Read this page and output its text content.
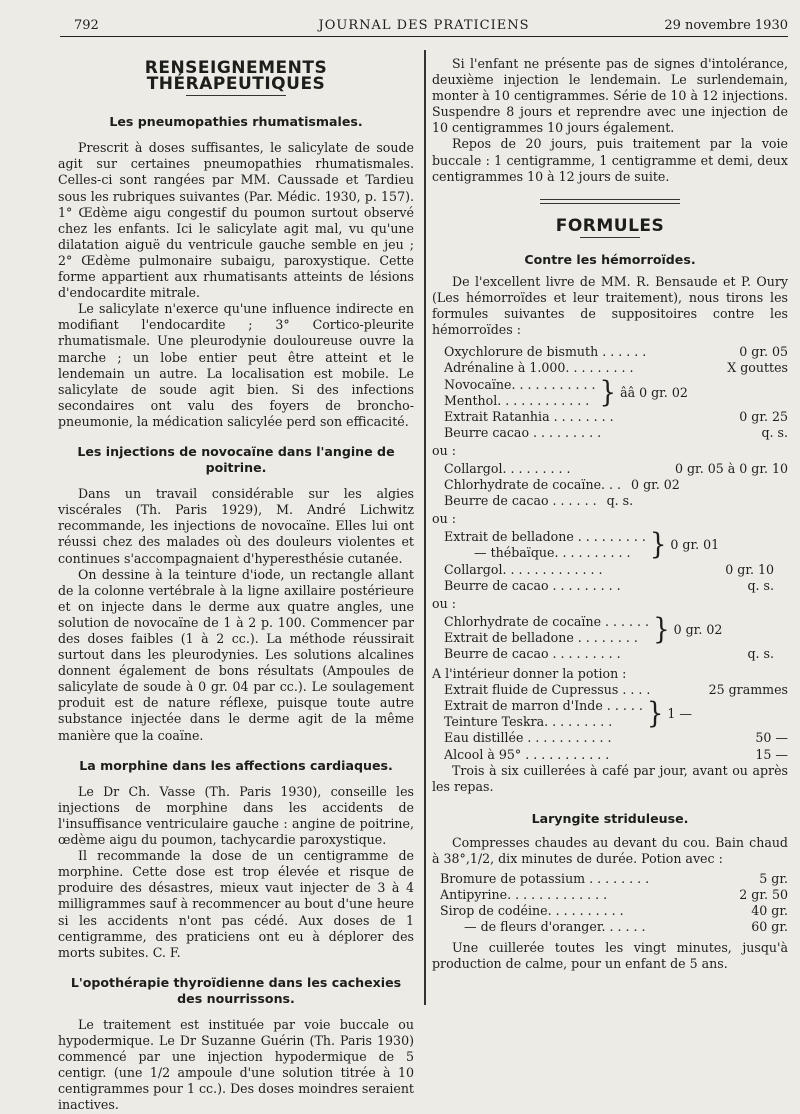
792	JOURNAL DES PRATICIENS	29 novembre 1930
RENSEIGNEMENTS THÉRAPEUTIQUES
Les pneumopathies rhumatismales.

Prescrit à doses suffisantes, le salicylate de soude agit sur certaines pneumopathies rhumatismales. Celles-ci sont rangées par MM. Caussade et Tardieu sous les rubriques suivantes (Par. Médic. 1930, p. 157). 1° Œdème aigu congestif du poumon surtout observé chez les enfants. Ici le salicylate agit mal, vu qu'une dilatation aiguë du ventricule gauche semble en jeu ; 2° Œdème pulmonaire subaigu, paroxystique. Cette forme appartient aux rhumatisants atteints de lésions d'endocardite mitrale.

Le salicylate n'exerce qu'une influence indirecte en modifiant l'endocardite ; 3° Cortico-pleurite rhumatismale. Une pleurodynie douloureuse ouvre la marche ; un lobe entier peut être atteint et le lendemain un autre. La localisation est mobile. Le salicylate de soude agit bien. Si des infections secondaires ont valu des foyers de broncho-pneumonie, la médication salicylée perd son efficacité.

Les injections de novocaïne dans l'angine de poitrine.

Dans un travail considérable sur les algies viscérales (Th. Paris 1929), M. André Lichwitz recommande, les injections de novocaïne. Elles lui ont réussi chez des malades où des douleurs violentes et continues s'accompagnaient d'hyperesthésie cutanée.

On dessine à la teinture d'iode, un rectangle allant de la colonne vertébrale à la ligne axillaire postérieure et on injecte dans le derme aux quatre angles, une solution de novocaïne de 1 à 2 p. 100. Commencer par des doses faibles (1 à 2 cc.). La méthode réussirait surtout dans les pleurodynies. Les solutions alcalines donnent également de bons résultats (Ampoules de salicylate de soude à 0 gr. 04 par cc.). Le soulagement produit est de nature réflexe, puisque toute autre substance injectée dans le derme agit de la même manière que la coaïne.

La morphine dans les affections cardiaques.

Le Dr Ch. Vasse (Th. Paris 1930), conseille les injections de morphine dans les accidents de l'insuffisance ventriculaire gauche : angine de poitrine, œdème aigu du poumon, tachycardie paroxystique.

Il recommande la dose de un centigramme de morphine. Cette dose est trop élevée et risque de produire des désastres, mieux vaut injecter de 3 à 4 milligrammes sauf à recommencer au bout d'une heure si les accidents n'ont pas cédé. Aux doses de 1 centigramme, des praticiens ont eu à déplorer des morts subites. C. F.

L'opothérapie thyroïdienne dans les cachexies des nourrissons.

Le traitement est instituée par voie buccale ou hypodermique. Le Dr Suzanne Guérin (Th. Paris 1930) commencé par une injection hypodermique de 5 centigr. (une 1/2 ampoule d'une solution titrée à 10 centigrammes pour 1 cc.). Des doses moindres seraient inactives.

Si l'enfant ne présente pas de signes d'intolérance, deuxième injection le lendemain. Le surlendemain, monter à 10 centigrammes. Série de 10 à 12 injections. Suspendre 8 jours et reprendre avec une injection de 10 centigrammes 10 jours également.

Repos de 20 jours, puis traitement par la voie buccale : 1 centigramme, 1 centigramme et demi, deux centigrammes 10 à 12 jours de suite.

FORMULES
Contre les hémorroïdes.

De l'excellent livre de MM. R. Bensaude et P. Oury (Les hémorroïdes et leur traitement), nous tirons les formules suivantes de suppositoires contre les hémorroïdes :

Oxychlorure de bismuth . . . . . .	0 gr. 05
Adrénaline à 1.000. . . . . . . . .	X gouttes
Novocaïne. . . . . . . . . . .
Menthol. . . . . . . . . . . . } ââ 0 gr. 02
Extrait Ratanhia . . . . . . . .	0 gr. 25
Beurre cacao . . . . . . . . .	q. s.
ou :
Collargol. . . . . . . . .	0 gr. 05 à 0 gr. 10
Chlorhydrate de cocaïne. . . 0 gr. 02
Beurre de cacao . . . . . . q. s.
ou :
Extrait de belladone . . . . . . . . .
— thébaïque. . . . . . . . . . } 0 gr. 01
Collargol. . . . . . . . . . . . .	0 gr. 10
Beurre de cacao . . . . . . . . .	q. s.
ou :
Chlorhydrate de cocaïne . . . . . .
Extrait de belladone . . . . . . . . } 0 gr. 02
Beurre de cacao . . . . . . . . .	q. s.

A l'intérieur donner la potion :

Extrait fluide de Cupressus . . . .	25 grammes
Extrait de marron d'Inde . . . . .
Teinture Teskra. . . . . . . . .	} 1 —
Eau distillée . . . . . . . . . . .	50 —
Alcool à 95° . . . . . . . . . . .	15 —

Trois à six cuillerées à café par jour, avant ou après les repas.

Laryngite striduleuse.

Compresses chaudes au devant du cou. Bain chaud à 38°,1/2, dix minutes de durée. Potion avec :

Bromure de potassium . . . . . . . .	5 gr.
Antipyrine. . . . . . . . . . . . .	2 gr. 50
Sirop de codéine. . . . . . . . . .	40 gr.
— de fleurs d'oranger. . . . . .	60 gr.

Une cuillerée toutes les vingt minutes, jusqu'à production de calme, pour un enfant de 5 ans.
